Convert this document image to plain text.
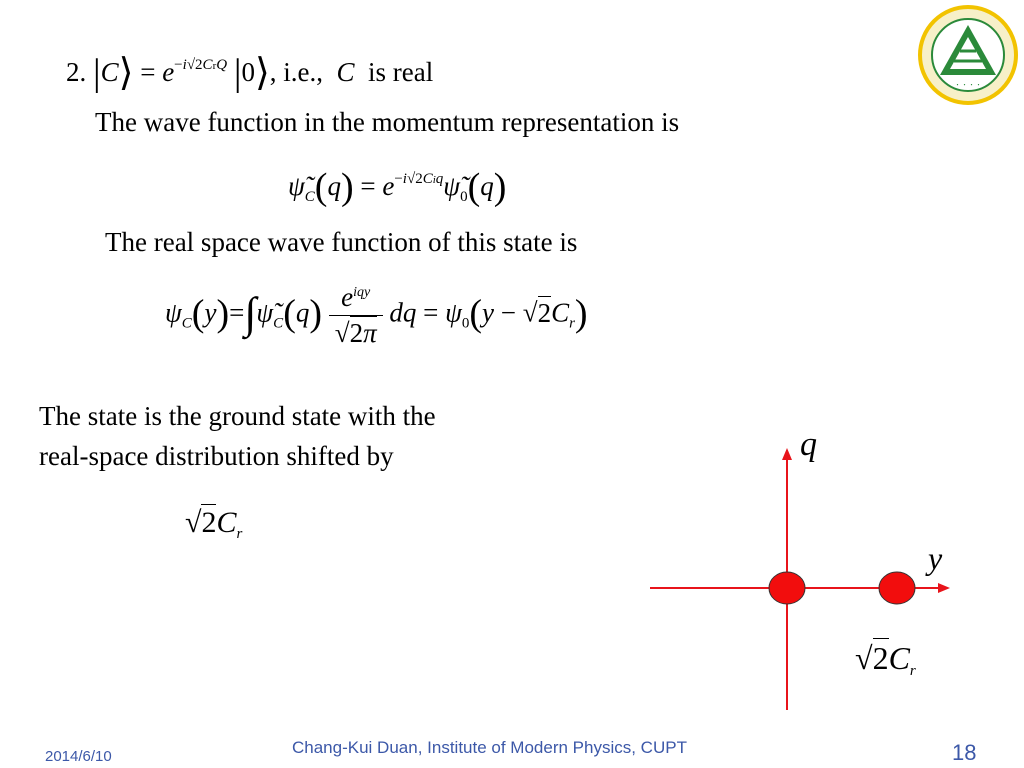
2. |C⟩ = $e^{-i√2CrQ}$ |0⟩, i.e., C is real
The wave function in the momentum representation is
$\psĩ_C(q)$ = $e^{-i√2Ciq}\psĩ_0(q)$
The real space wave function of this state is
$\psi_C(y)=\int\psĩ_C(q) \frac{e^{iqy}}{√2\pi}$ dq = $\psi_0(y - √2C_r)$
The state is the ground state with the
real-space distribution shifted by
$√2C_r$
q
y
$√2C_r$
・・・・
2014/6/10	Chang-Kui Duan, Institute of Modern Physics, CUPT	18
